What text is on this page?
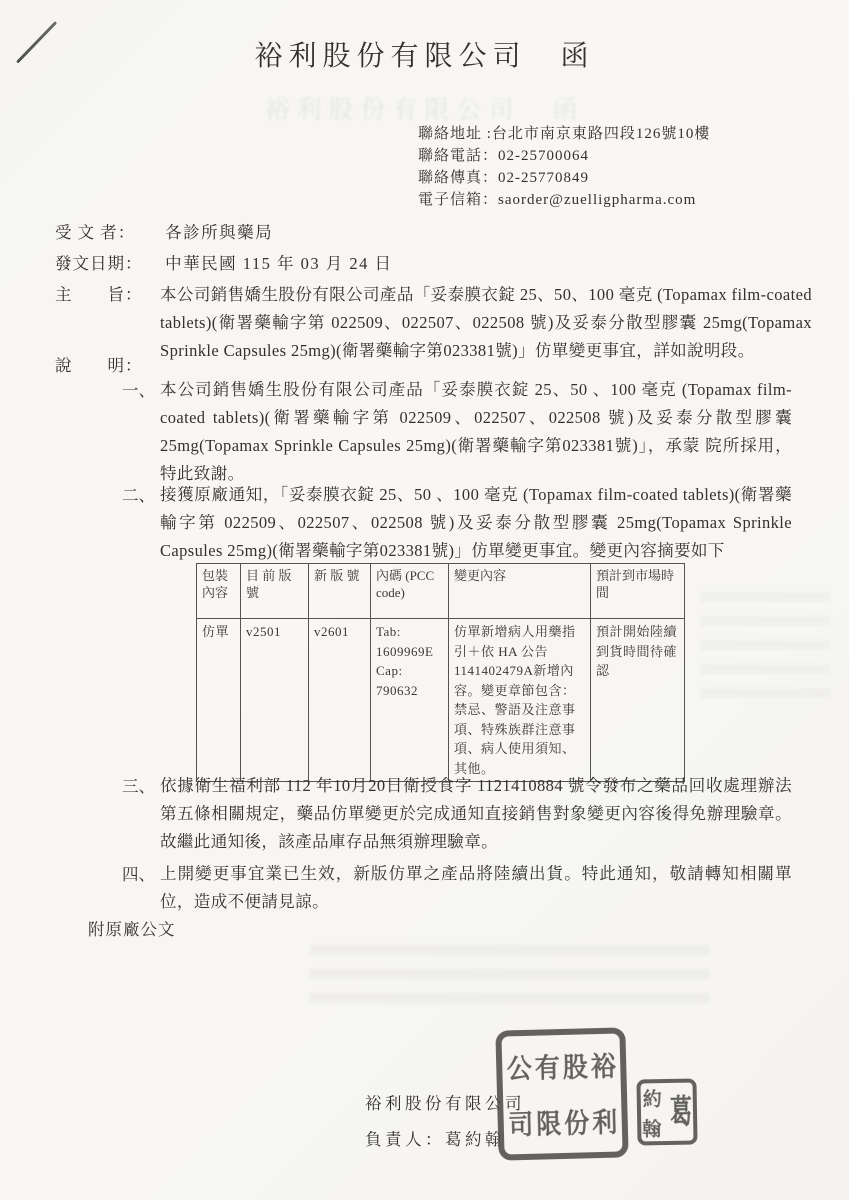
裕利股份有限公司　函
裕利股份有限公司　函
聯絡地址 :台北市南京東路四段126號10樓
聯絡電話：02-25700064
聯絡傳真：02-25770849
電子信箱：saorder@zuelligpharma.com
受 文 者： 各診所與藥局
發文日期： 中華民國 115 年 03 月 24 日
主　　旨：	本公司銷售嬌生股份有限公司產品「妥泰膜衣錠 25、50、100 毫克 (Topamax film-coated tablets)(衛署藥輸字第 022509、022507、022508 號)及妥泰分散型膠囊 25mg(Topamax Sprinkle Capsules 25mg)(衛署藥輸字第023381號)」仿單變更事宜，詳如說明段。
說　　明：
一、 本公司銷售嬌生股份有限公司產品「妥泰膜衣錠 25、50 、100 毫克 (Topamax film-coated tablets)(衛署藥輸字第 022509、022507、022508 號)及妥泰分散型膠囊 25mg(Topamax Sprinkle Capsules 25mg)(衛署藥輸字第023381號)」，承蒙 院所採用，特此致謝。
二、 接獲原廠通知，「妥泰膜衣錠 25、50 、100 毫克 (Topamax film-coated tablets)(衛署藥輸字第 022509、022507、022508 號)及妥泰分散型膠囊 25mg(Topamax Sprinkle Capsules 25mg)(衛署藥輸字第023381號)」仿單變更事宜。變更內容摘要如下
包裝 內容	目 前 版號	新 版 號	內碼 (PCC code)	變更內容	預計到市場時 間
仿單	v2501	v2601	Tab: 1609969E Cap: 790632	仿單新增病人用藥指引＋依 HA 公告1141402479A新增內容。變更章節包含：禁忌、警語及注意事項、特殊族群注意事項、病人使用須知、其他。	預計開始陸續到貨時間待確認
三、 依據衛生福利部 112 年10月20日衛授食字 1121410884 號令發布之藥品回收處理辦法第五條相關規定，藥品仿單變更於完成通知直接銷售對象變更內容後得免辦理驗章。故繼此通知後，該產品庫存品無須辦理驗章。
四、 上開變更事宜業已生效，新版仿單之產品將陸續出貨。特此通知，敬請轉知相關單位，造成不便請見諒。
附原廠公文
裕利股份有限公司
負責人：葛約翰
公 有 股 裕
司 限 份 利 葛
約
翰
